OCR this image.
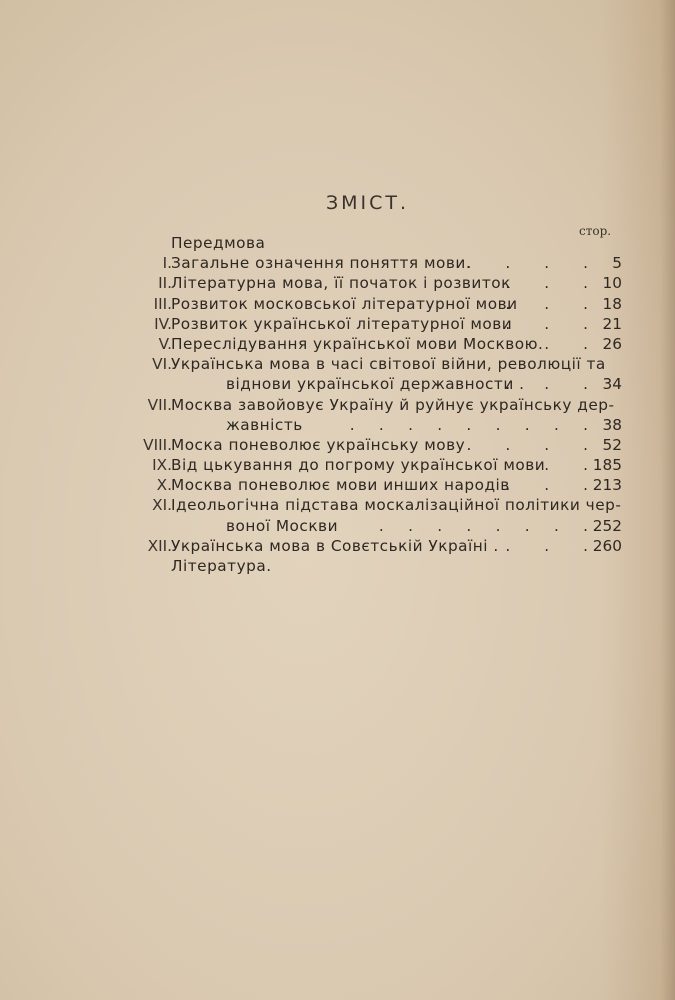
ЗМІСТ.
стор.
Передмова
I. Загальне означення поняття мови.
.       .       .       . 5
II. Літературна мова, її початок і розвиток
.       .       . 10
III. Розвиток московської літературної мови
.       .       . 18
IV. Розвиток української літературної мови
.       .       . 21
V. Переслідування української мови Москвою. .       . 26
VI. Українська мова в часі світової війни, революції та
віднови української державности .
.       .       . 34
VII. Москва завойовує Україну й руйнує українську дер-
жавність	.     .     .     .     .     .     .     .     . 38
VIII. Моска поневолює українську мову .       .       .       . 52
IX. Від цькування до погрому української мови .       . 185
X. Москва поневолює мови инших народів
.       .       . 213
XI. Ідеольогічна підстава москалізаційної політики чер-
воної Москви	.     .     .     .     .     .     .     . 252
XII. Українська мова в Совєтській Україні . .       .       . 260
Література.
